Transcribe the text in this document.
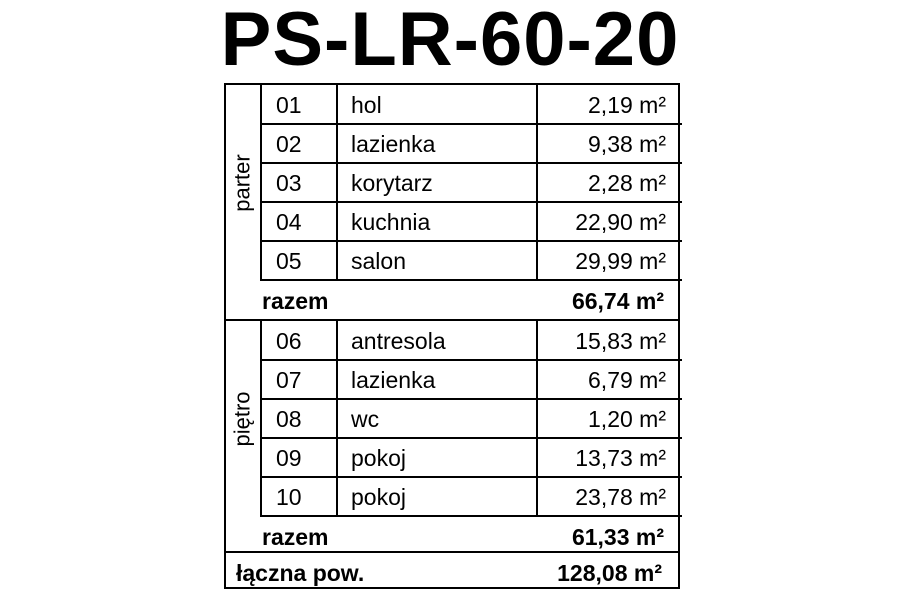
PS-LR-60-20
parter
01	hol	2,19 m²
02	lazienka	9,38 m²
03	korytarz	2,28 m²
04	kuchnia	22,90 m²
05	salon	29,99 m²
razem	66,74 m²
piętro
06	antresola	15,83 m²
07	lazienka	6,79 m²
08	wc	1,20 m²
09	pokoj	13,73 m²
10	pokoj	23,78 m²
razem	61,33 m²
łączna pow.	128,08 m²
